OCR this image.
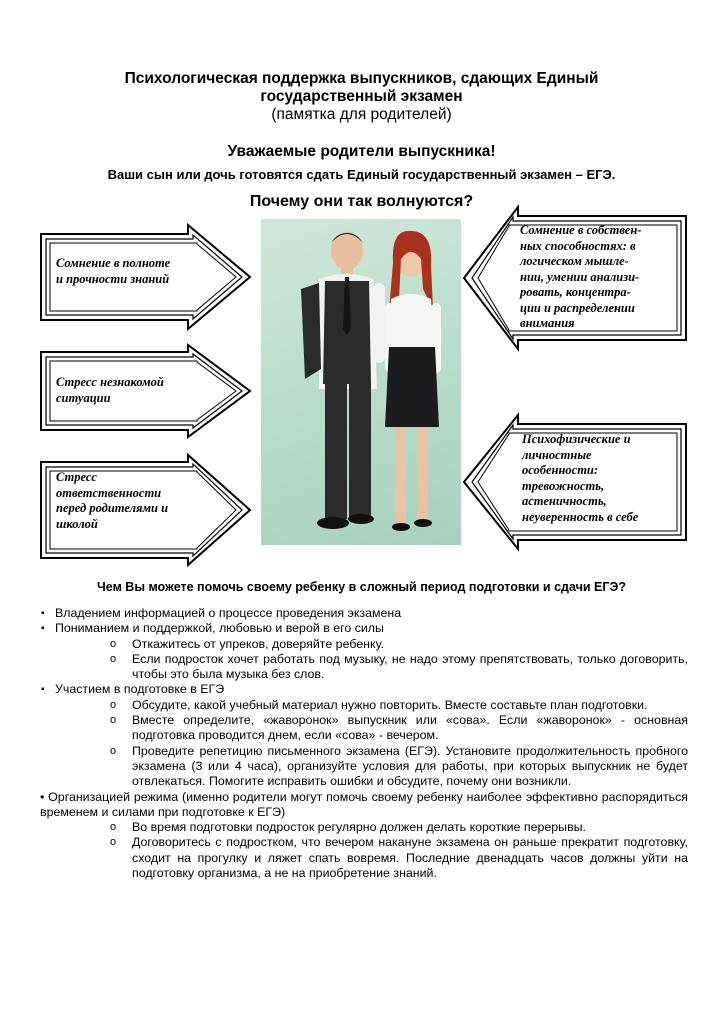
Психологическая поддержка выпускников, сдающих Единый
государственный экзамен
(памятка для родителей)
Уважаемые родители выпускника!
Ваши сын или дочь готовятся сдать Единый государственный экзамен – ЕГЭ.
Почему они так волнуются?
Сомнение в полноте
и прочности знаний
Стресс незнакомой
ситуации
Стресс
ответственности
перед родителями и
школой
Сомнение в собствен-
ных способностях: в
логическом мышле-
нии, умении анализи-
ровать, концентра-
ции и распределении
внимания
Психофизические и
личностные
особенности:
тревожность,
астеничность,
неуверенность в себе
Чем Вы можете помочь своему ребенку в сложный период подготовки и сдачи ЕГЭ?
▪ Владением информацией о процессе проведения экзамена
▪ Пониманием и поддержкой, любовью и верой в его силы
o Откажитесь от упреков, доверяйте ребенку.
o Если подросток хочет работать под музыку, не надо этому препятствовать, только договорить, чтобы это была музыка без слов.
▪ Участием в подготовке в ЕГЭ
o Обсудите, какой учебный материал нужно повторить. Вместе составьте план подготовки.
o Вместе определите, «жаворонок» выпускник или «сова». Если «жаворонок» - основная подготовка проводится днем, если «сова» - вечером.
o Проведите репетицию письменного экзамена (ЕГЭ). Установите продолжительность пробного экзамена (3 или 4 часа), организуйте условия для работы, при которых выпускник не будет отвлекаться. Помогите исправить ошибки и обсудите, почему они возникли.
• Организацией режима (именно родители могут помочь своему ребенку наиболее эффективно распорядиться временем и силами при подготовке к ЕГЭ)
o Во время подготовки подросток регулярно должен делать короткие перерывы.
o Договоритесь с подростком, что вечером накануне экзамена он раньше прекратит подготовку, сходит на прогулку и ляжет спать вовремя. Последние двенадцать часов должны уйти на подготовку организма, а не на приобретение знаний.
